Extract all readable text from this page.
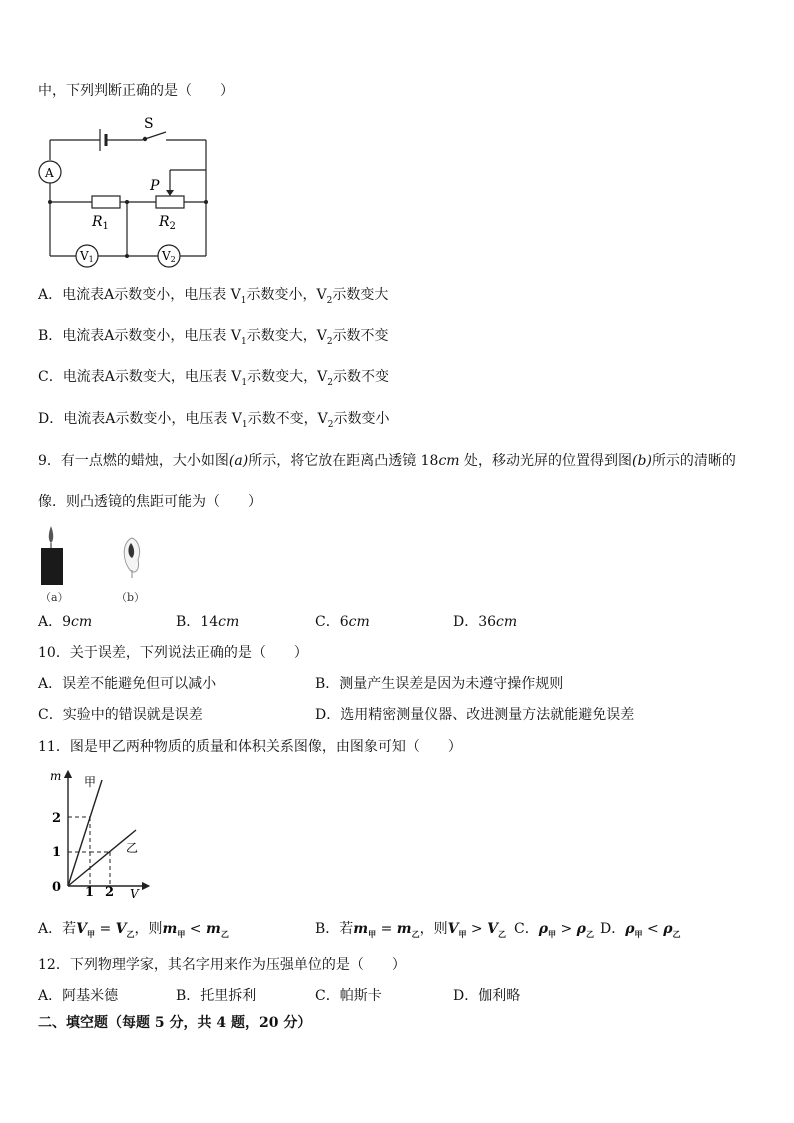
中，下列判断正确的是（　　）
S
A
P
$R_1$	$R_2$
V1	V2
A．电流表A示数变小，电压表 $V_1$示数变小，$V_2$示数变大
B．电流表A示数变小，电压表 $V_1$示数变大，$V_2$示数不变
C．电流表A示数变大，电压表 $V_1$示数变大，$V_2$示数不变
D．电流表A示数变小，电压表 $V_1$示数不变，$V_2$示数变小
9．有一点燃的蜡烛，大小如图(a)所示，将它放在距离凸透镜 18cm 处，移动光屏的位置得到图(b)所示的清晰的
像．则凸透镜的焦距可能为（　　）
（a）	（b）
A．9cm	B．14cm	C．6cm	D．36cm
10．关于误差，下列说法正确的是（　　）
A．误差不能避免但可以减小	B．测量产生误差是因为未遵守操作规则
C．实验中的错误就是误差	D．选用精密测量仪器、改进测量方法就能避免误差
11．图是甲乙两种物质的质量和体积关系图像，由图象可知（　　）
m
V
0 1 2
1
2
甲
乙
A．若$V_甲 = V_乙$，则$m_甲 < m_乙$	B．若$m_甲 = m_乙$，则$V_甲 > V_乙$ C．$\rho_甲 > \rho_乙$ D．$\rho_甲 < \rho_乙$
12．下列物理学家，其名字用来作为压强单位的是（　　）
A．阿基米德	B．托里拆利	C．帕斯卡	D．伽利略
二、填空题（每题 5 分，共 4 题，20 分）
